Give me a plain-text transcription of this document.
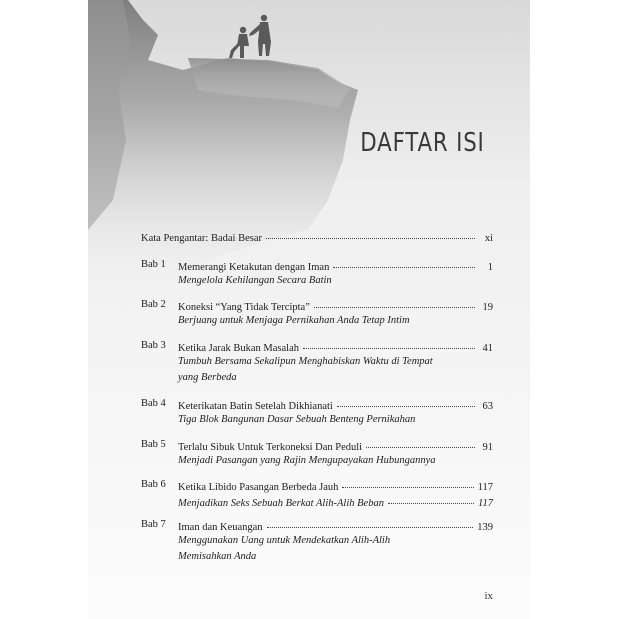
DAFTAR ISI
Kata Pengantar: Badai Besar	xi
Bab 1 Memerangi Ketakutan dengan Iman	1
Mengelola Kehilangan Secara Batin
Bab 2 Koneksi “Yang Tidak Tercipta”	19
Berjuang untuk Menjaga Pernikahan Anda Tetap Intim
Bab 3 Ketika Jarak Bukan Masalah	41
Tumbuh Bersama Sekalipun Menghabiskan Waktu di Tempat
yang Berbeda
Bab 4 Keterikatan Batin Setelah Dikhianati	63
Tiga Blok Bangunan Dasar Sebuah Benteng Pernikahan
Bab 5 Terlalu Sibuk Untuk Terkoneksi Dan Peduli	91
Menjadi Pasangan yang Rajin Mengupayakan Hubungannya
Bab 6 Ketika Libido Pasangan Berbeda Jauh	117
Menjadikan Seks Sebuah Berkat Alih-Alih Beban	117
Bab 7 Iman dan Keuangan	139
Menggunakan Uang untuk Mendekatkan Alih-Alih
Memisahkan Anda
ix
